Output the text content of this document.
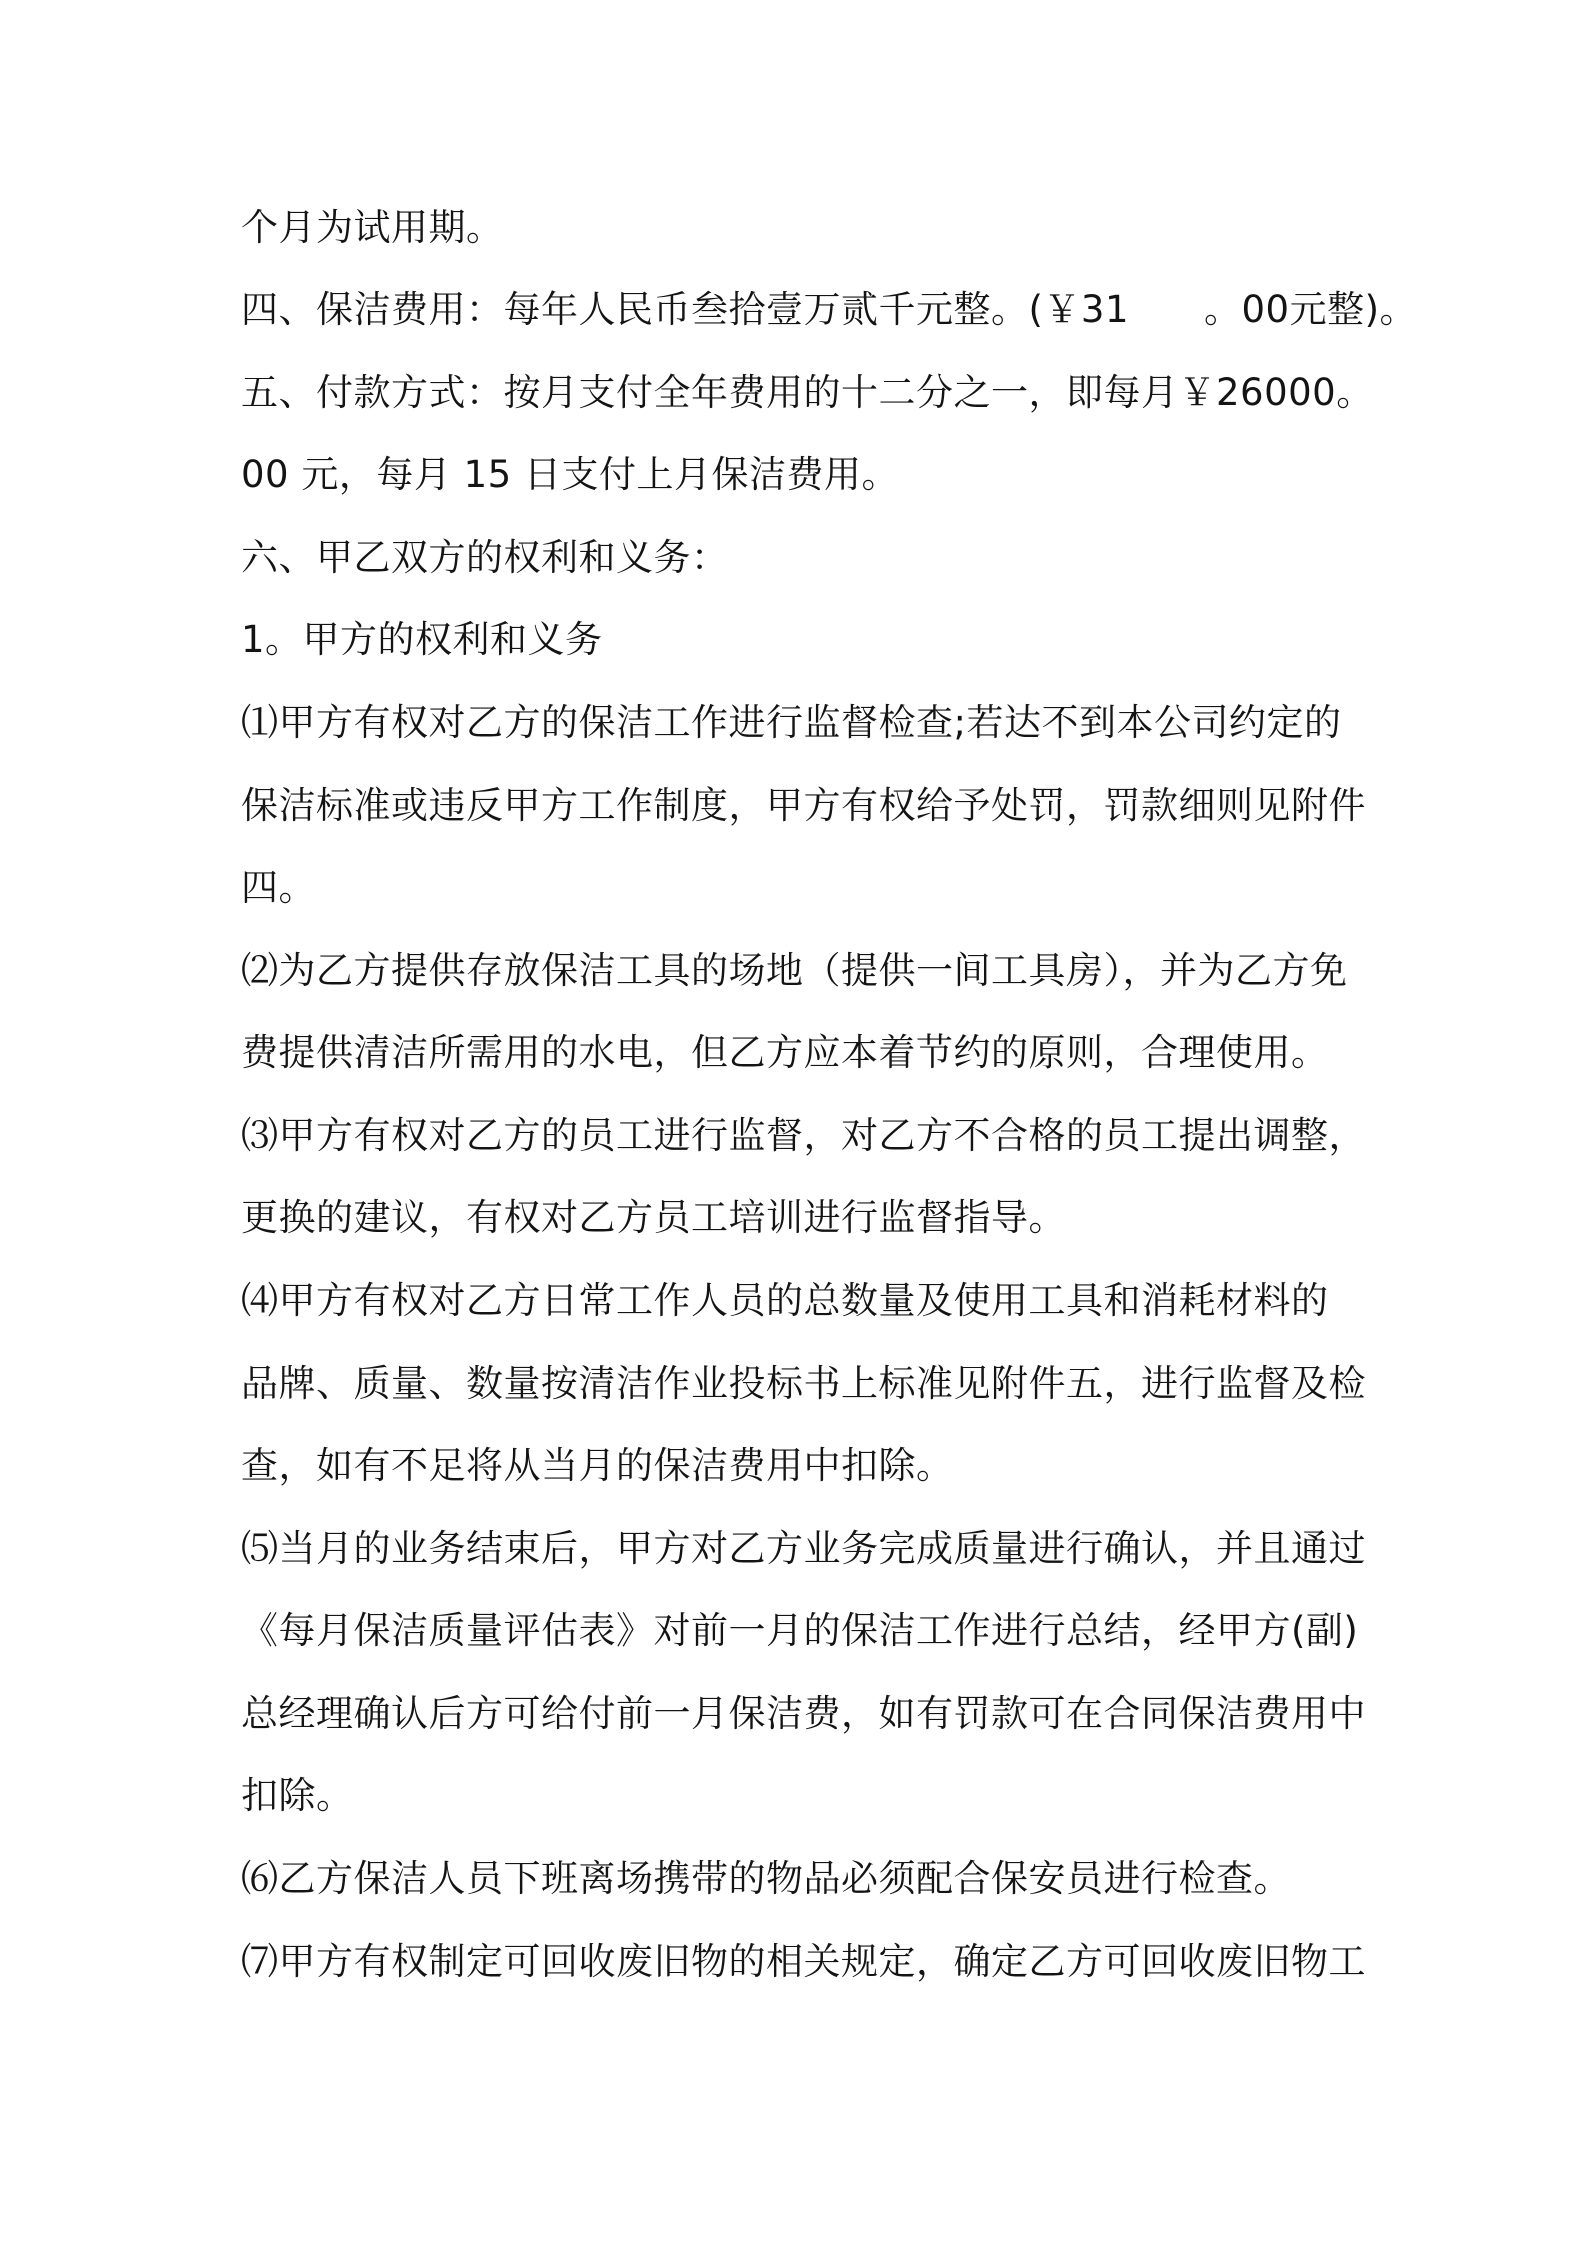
个月为试用期。
四、保洁费用：每年人民币叁拾壹万贰千元整。(￥31　　。00元整)。
五、付款方式：按月支付全年费用的十二分之一，即每月￥26000。
00 元，每月 15 日支付上月保洁费用。
六、甲乙双方的权利和义务：
1。甲方的权利和义务
⑴甲方有权对乙方的保洁工作进行监督检查;若达不到本公司约定的
保洁标准或违反甲方工作制度，甲方有权给予处罚，罚款细则见附件
四。
⑵为乙方提供存放保洁工具的场地（提供一间工具房），并为乙方免
费提供清洁所需用的水电，但乙方应本着节约的原则，合理使用。
⑶甲方有权对乙方的员工进行监督，对乙方不合格的员工提出调整，
更换的建议，有权对乙方员工培训进行监督指导。
⑷甲方有权对乙方日常工作人员的总数量及使用工具和消耗材料的
品牌、质量、数量按清洁作业投标书上标准见附件五，进行监督及检
查，如有不足将从当月的保洁费用中扣除。
⑸当月的业务结束后，甲方对乙方业务完成质量进行确认，并且通过
《每月保洁质量评估表》对前一月的保洁工作进行总结，经甲方(副)
总经理确认后方可给付前一月保洁费，如有罚款可在合同保洁费用中
扣除。
⑹乙方保洁人员下班离场携带的物品必须配合保安员进行检查。
⑺甲方有权制定可回收废旧物的相关规定，确定乙方可回收废旧物工
